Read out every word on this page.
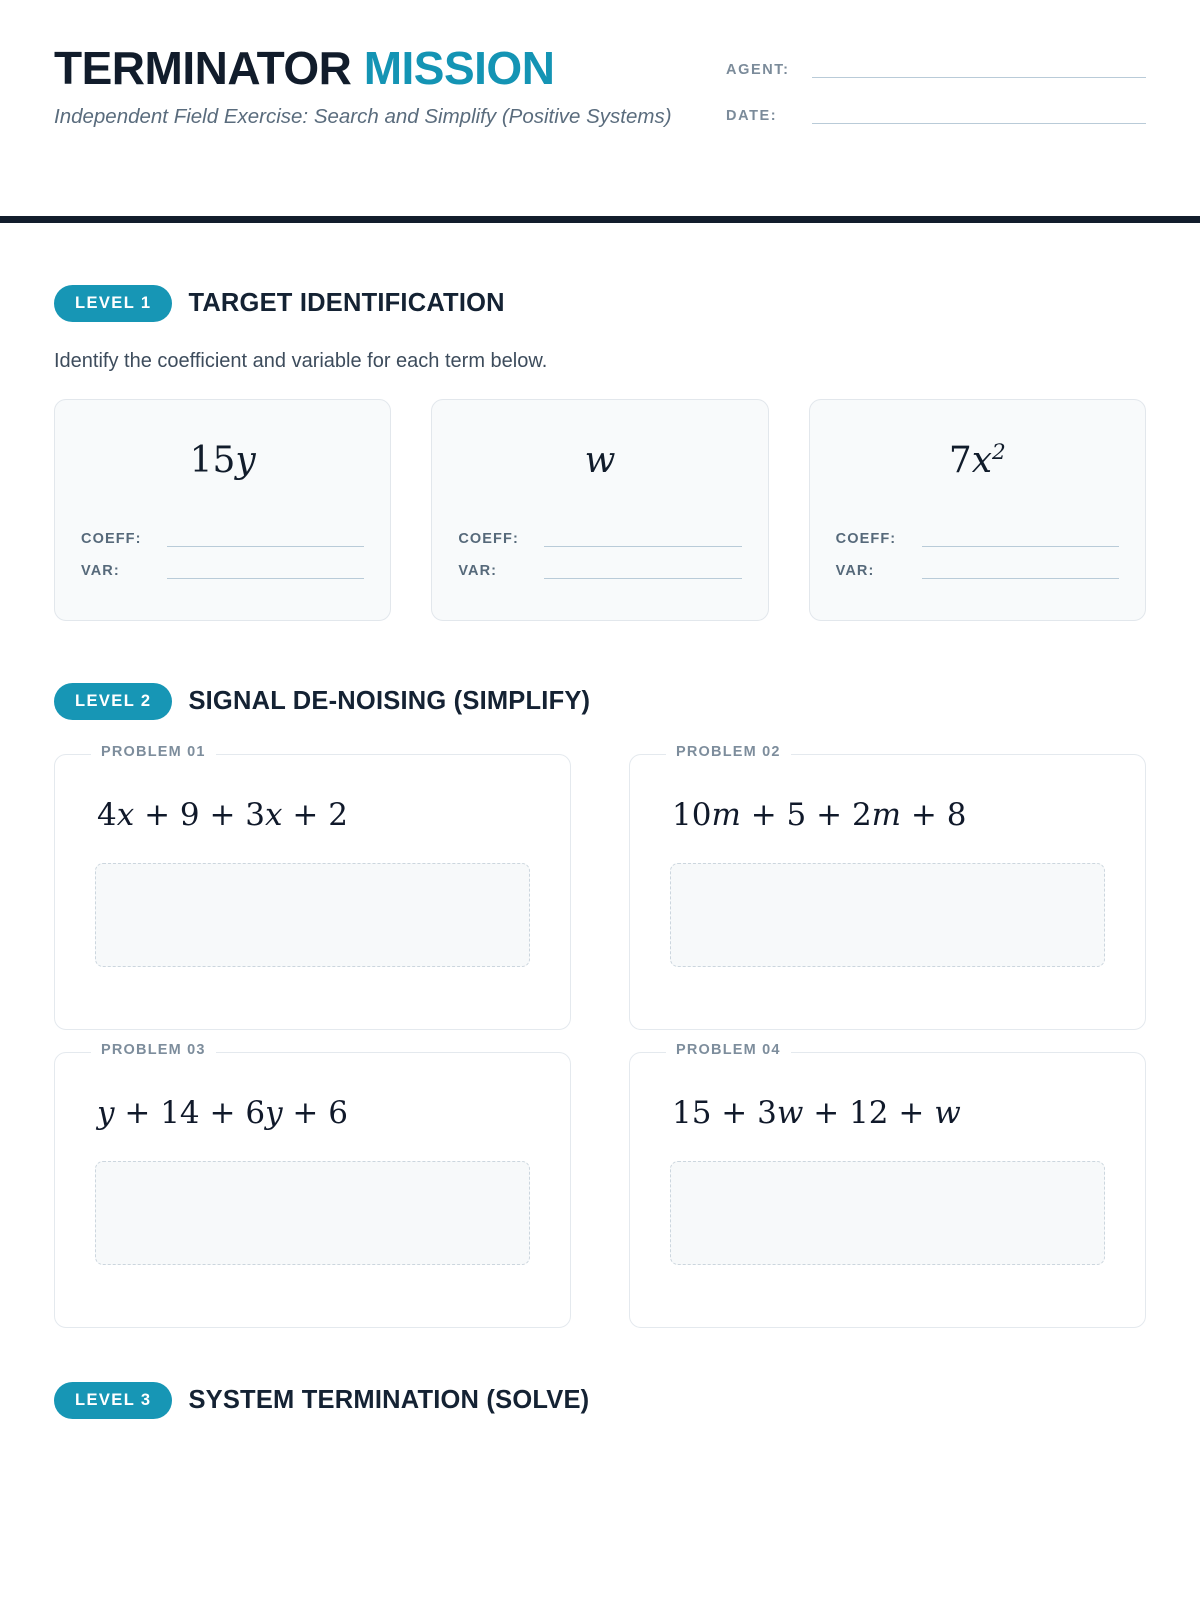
TERMINATOR MISSION
Independent Field Exercise: Search and Simplify (Positive Systems)
AGENT:
DATE:
LEVEL 1	TARGET IDENTIFICATION
Identify the coefficient and variable for each term below.
15y
COEFF:
VAR:
w
COEFF:
VAR:
$7x^2$
COEFF:
VAR:
LEVEL 2	SIGNAL DE-NOISING (SIMPLIFY)
PROBLEM 01
4x + 9 + 3x + 2
PROBLEM 02
10m + 5 + 2m + 8
PROBLEM 03
y + 14 + 6y + 6
PROBLEM 04
15 + 3w + 12 + w
LEVEL 3	SYSTEM TERMINATION (SOLVE)
